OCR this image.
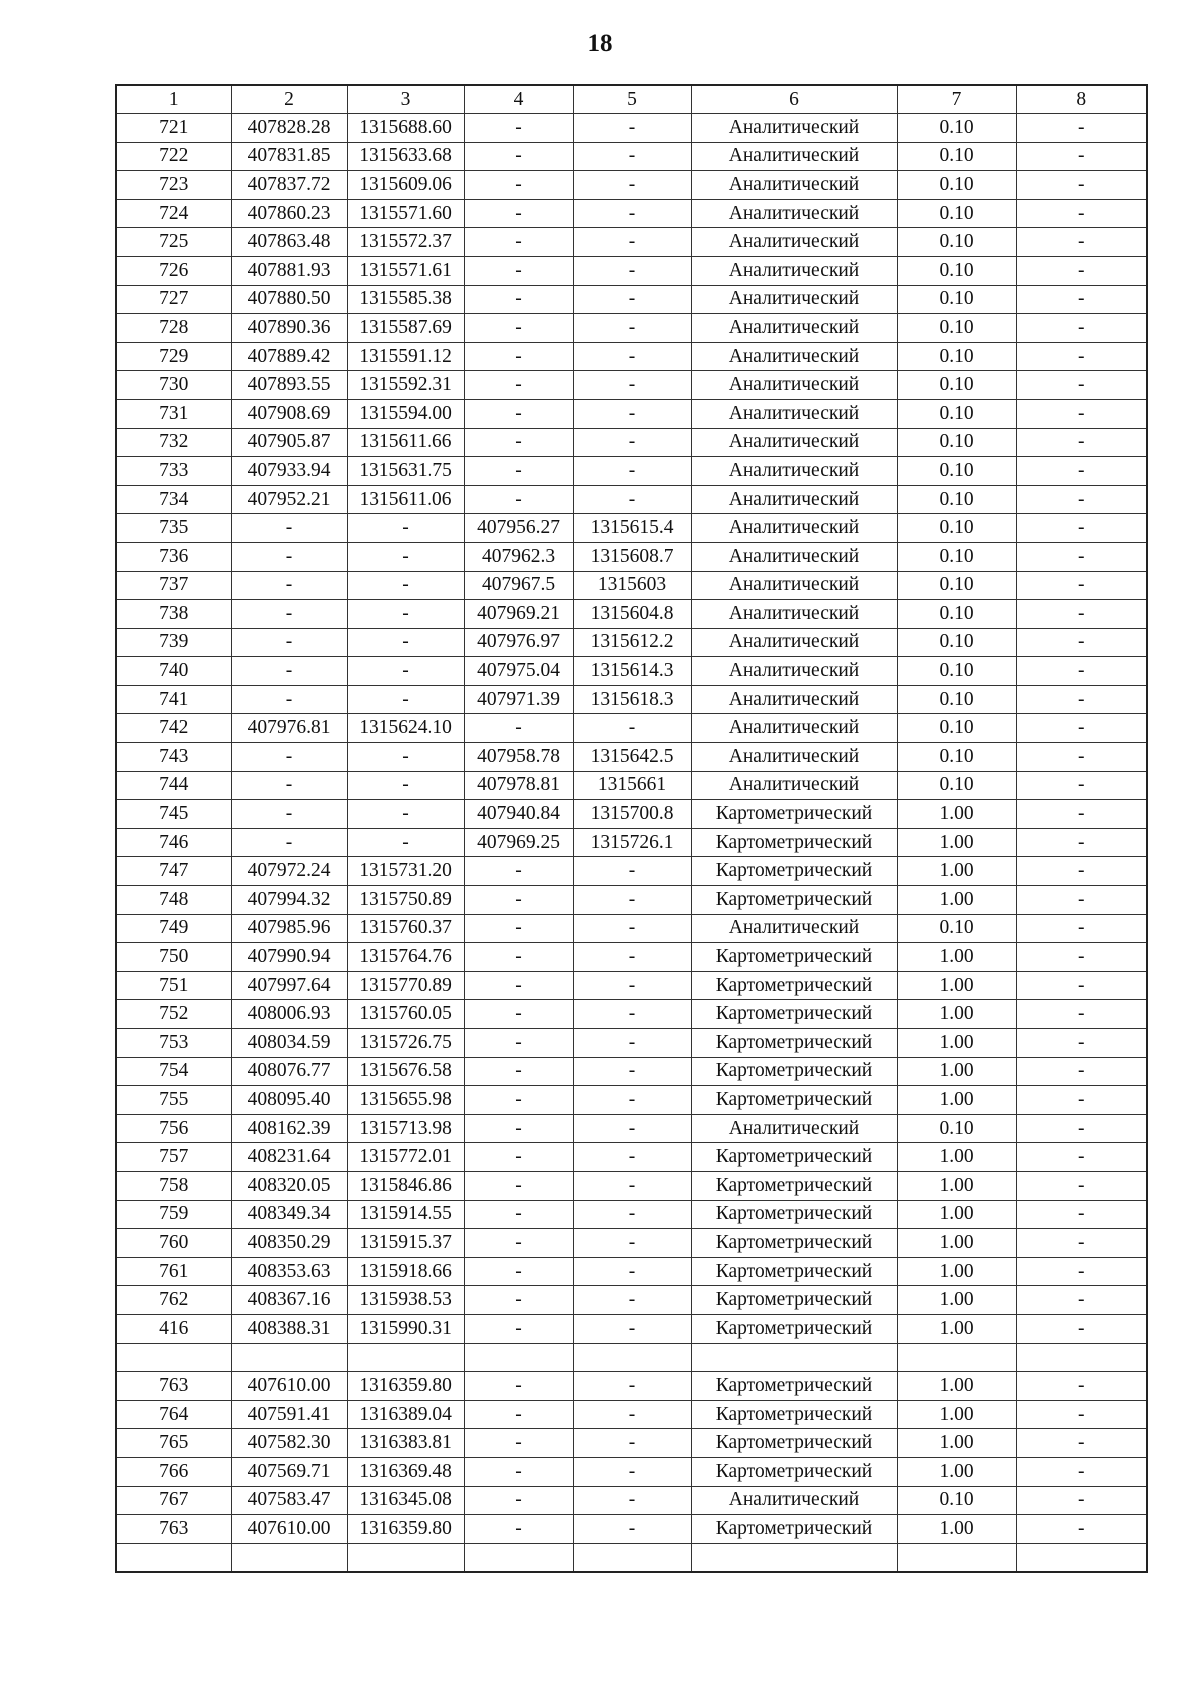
18
1	2	3	4	5	6	7	8
721	407828.28	1315688.60	-	-	Аналитический	0.10	-
722	407831.85	1315633.68	-	-	Аналитический	0.10	-
723	407837.72	1315609.06	-	-	Аналитический	0.10	-
724	407860.23	1315571.60	-	-	Аналитический	0.10	-
725	407863.48	1315572.37	-	-	Аналитический	0.10	-
726	407881.93	1315571.61	-	-	Аналитический	0.10	-
727	407880.50	1315585.38	-	-	Аналитический	0.10	-
728	407890.36	1315587.69	-	-	Аналитический	0.10	-
729	407889.42	1315591.12	-	-	Аналитический	0.10	-
730	407893.55	1315592.31	-	-	Аналитический	0.10	-
731	407908.69	1315594.00	-	-	Аналитический	0.10	-
732	407905.87	1315611.66	-	-	Аналитический	0.10	-
733	407933.94	1315631.75	-	-	Аналитический	0.10	-
734	407952.21	1315611.06	-	-	Аналитический	0.10	-
735	-	-	407956.27	1315615.4	Аналитический	0.10	-
736	-	-	407962.3	1315608.7	Аналитический	0.10	-
737	-	-	407967.5	1315603	Аналитический	0.10	-
738	-	-	407969.21	1315604.8	Аналитический	0.10	-
739	-	-	407976.97	1315612.2	Аналитический	0.10	-
740	-	-	407975.04	1315614.3	Аналитический	0.10	-
741	-	-	407971.39	1315618.3	Аналитический	0.10	-
742	407976.81	1315624.10	-	-	Аналитический	0.10	-
743	-	-	407958.78	1315642.5	Аналитический	0.10	-
744	-	-	407978.81	1315661	Аналитический	0.10	-
745	-	-	407940.84	1315700.8	Картометрический	1.00	-
746	-	-	407969.25	1315726.1	Картометрический	1.00	-
747	407972.24	1315731.20	-	-	Картометрический	1.00	-
748	407994.32	1315750.89	-	-	Картометрический	1.00	-
749	407985.96	1315760.37	-	-	Аналитический	0.10	-
750	407990.94	1315764.76	-	-	Картометрический	1.00	-
751	407997.64	1315770.89	-	-	Картометрический	1.00	-
752	408006.93	1315760.05	-	-	Картометрический	1.00	-
753	408034.59	1315726.75	-	-	Картометрический	1.00	-
754	408076.77	1315676.58	-	-	Картометрический	1.00	-
755	408095.40	1315655.98	-	-	Картометрический	1.00	-
756	408162.39	1315713.98	-	-	Аналитический	0.10	-
757	408231.64	1315772.01	-	-	Картометрический	1.00	-
758	408320.05	1315846.86	-	-	Картометрический	1.00	-
759	408349.34	1315914.55	-	-	Картометрический	1.00	-
760	408350.29	1315915.37	-	-	Картометрический	1.00	-
761	408353.63	1315918.66	-	-	Картометрический	1.00	-
762	408367.16	1315938.53	-	-	Картометрический	1.00	-
416	408388.31	1315990.31	-	-	Картометрический	1.00	-

763	407610.00	1316359.80	-	-	Картометрический	1.00	-
764	407591.41	1316389.04	-	-	Картометрический	1.00	-
765	407582.30	1316383.81	-	-	Картометрический	1.00	-
766	407569.71	1316369.48	-	-	Картометрический	1.00	-
767	407583.47	1316345.08	-	-	Аналитический	0.10	-
763	407610.00	1316359.80	-	-	Картометрический	1.00	-
